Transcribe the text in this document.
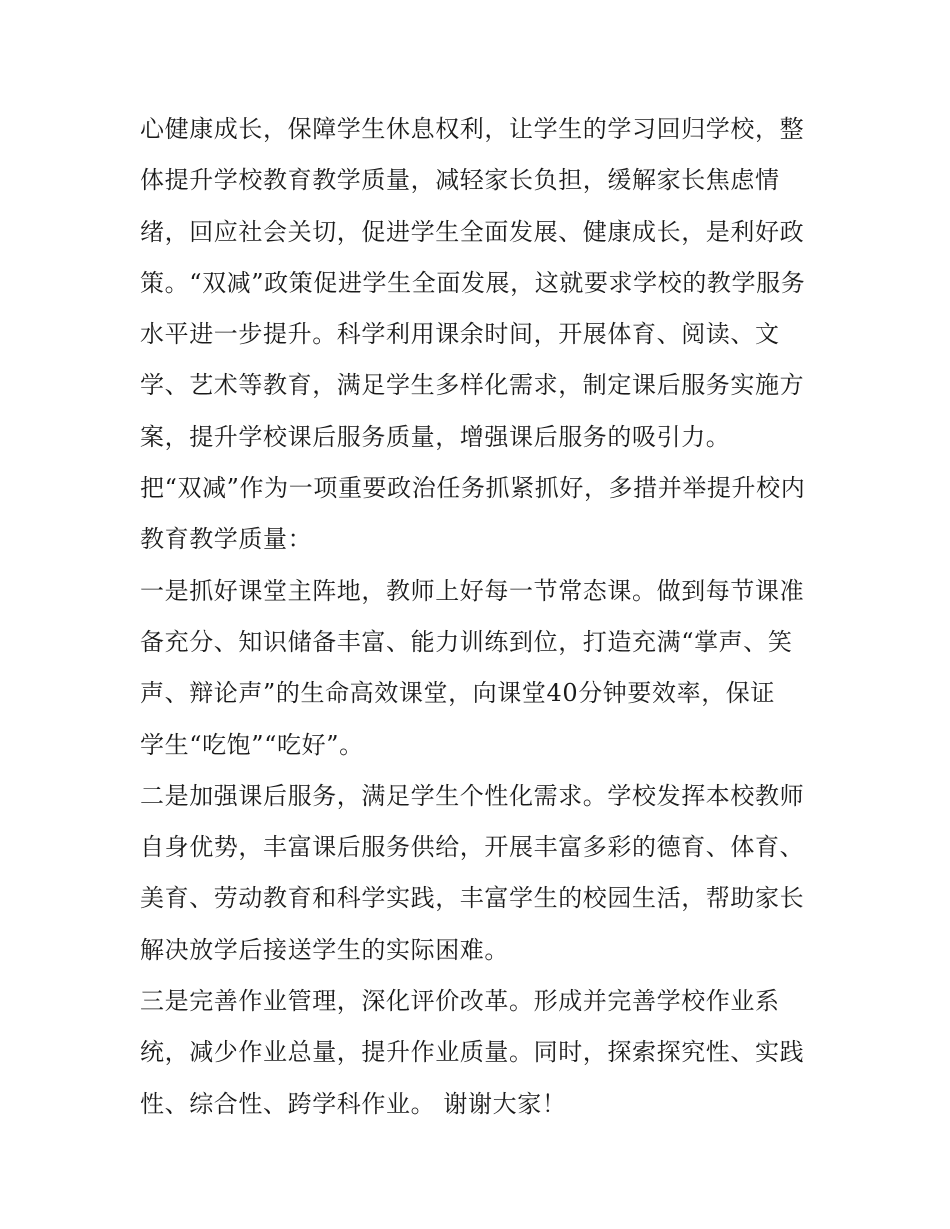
心健康成长，保障学生休息权利，让学生的学习回归学校，整
体提升学校教育教学质量，减轻家长负担，缓解家长焦虑情
绪，回应社会关切，促进学生全面发展、健康成长，是利好政
策。“双减”政策促进学生全面发展，这就要求学校的教学服务
水平进一步提升。科学利用课余时间，开展体育、阅读、文
学、艺术等教育，满足学生多样化需求，制定课后服务实施方
案，提升学校课后服务质量，增强课后服务的吸引力。
把“双减”作为一项重要政治任务抓紧抓好，多措并举提升校内
教育教学质量：
一是抓好课堂主阵地，教师上好每一节常态课。做到每节课准
备充分、知识储备丰富、能力训练到位，打造充满“掌声、笑
声、辩论声”的生命高效课堂，向课堂40分钟要效率，保证
学生“吃饱”“吃好”。
二是加强课后服务，满足学生个性化需求。学校发挥本校教师
自身优势，丰富课后服务供给，开展丰富多彩的德育、体育、
美育、劳动教育和科学实践，丰富学生的校园生活，帮助家长
解决放学后接送学生的实际困难。
三是完善作业管理，深化评价改革。形成并完善学校作业系
统，减少作业总量，提升作业质量。同时，探索探究性、实践
性、综合性、跨学科作业。 谢谢大家！
